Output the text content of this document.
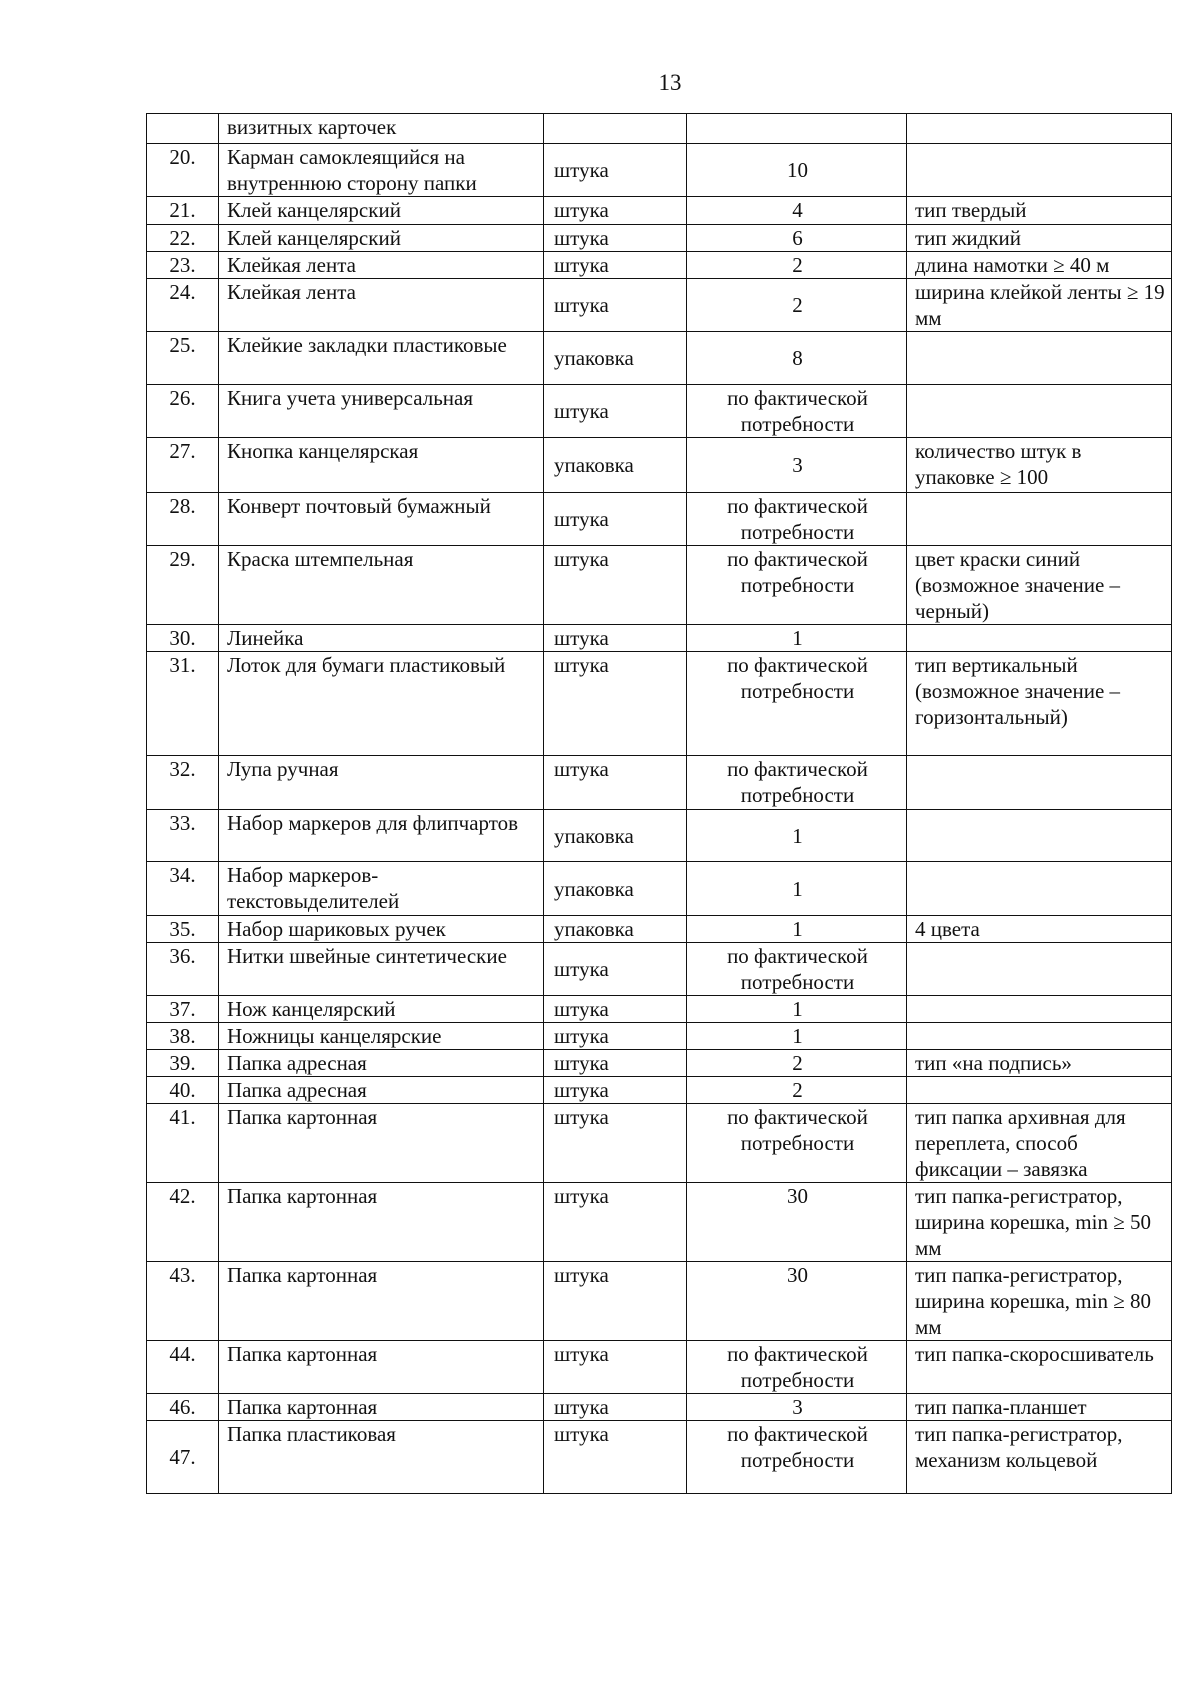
13
	визитных карточек			
20.	Карман самоклеящийся на внутреннюю сторону папки	штука	10	
21.	Клей канцелярский	штука	4	тип твердый
22.	Клей канцелярский	штука	6	тип жидкий
23.	Клейкая лента	штука	2	длина намотки ≥ 40 м
24.	Клейкая лента	штука	2	ширина клейкой ленты ≥ 19 мм
25.	Клейкие закладки пластиковые	упаковка	8	
26.	Книга учета универсальная	штука	по фактической потребности	
27.	Кнопка канцелярская	упаковка	3	количество штук в упаковке ≥ 100
28.	Конверт почтовый бумажный	штука	по фактической потребности	
29.	Краска штемпельная	штука	по фактической потребности	цвет краски синий (возможное значение – черный)
30.	Линейка	штука	1	
31.	Лоток для бумаги пластиковый	штука	по фактической потребности	тип вертикальный (возможное значение – горизонтальный)
32.	Лупа ручная	штука	по фактической потребности	
33.	Набор маркеров для флипчартов	упаковка	1	
34.	Набор маркеров-текстовыделителей	упаковка	1	
35.	Набор шариковых ручек	упаковка	1	4 цвета
36.	Нитки швейные синтетические	штука	по фактической потребности	
37.	Нож канцелярский	штука	1	
38.	Ножницы канцелярские	штука	1	
39.	Папка адресная	штука	2	тип «на подпись»
40.	Папка адресная	штука	2	
41.	Папка картонная	штука	по фактической потребности	тип папка архивная для переплета, способ фиксации – завязка
42.	Папка картонная	штука	30	тип папка-регистратор, ширина корешка, min ≥ 50 мм
43.	Папка картонная	штука	30	тип папка-регистратор, ширина корешка, min ≥ 80 мм
44.	Папка картонная	штука	по фактической потребности	тип папка-скоросшиватель
46.	Папка картонная	штука	3	тип папка-планшет
47.	Папка пластиковая	штука	по фактической потребности	тип папка-регистратор, механизм кольцевой
